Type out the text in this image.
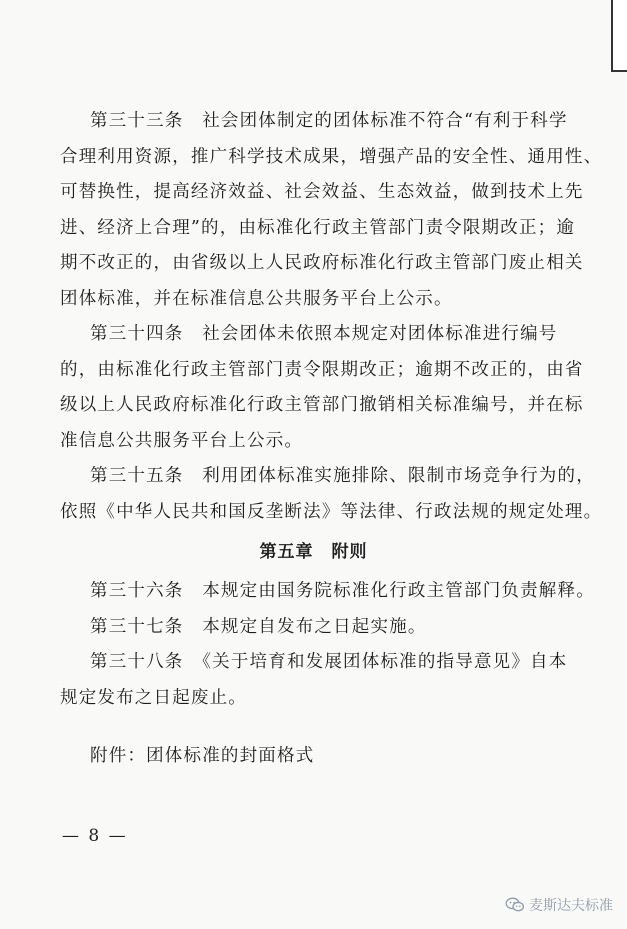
第三十三条　社会团体制定的团体标准不符合“有利于科学
合理利用资源，推广科学技术成果，增强产品的安全性、通用性、
可替换性，提高经济效益、社会效益、生态效益，做到技术上先
进、经济上合理”的，由标准化行政主管部门责令限期改正；逾
期不改正的，由省级以上人民政府标准化行政主管部门废止相关
团体标准，并在标准信息公共服务平台上公示。
第三十四条　社会团体未依照本规定对团体标准进行编号
的，由标准化行政主管部门责令限期改正；逾期不改正的，由省
级以上人民政府标准化行政主管部门撤销相关标准编号，并在标
准信息公共服务平台上公示。
第三十五条　利用团体标准实施排除、限制市场竞争行为的，
依照《中华人民共和国反垄断法》等法律、行政法规的规定处理。
第五章　附则
第三十六条　本规定由国务院标准化行政主管部门负责解释。
第三十七条　本规定自发布之日起实施。
第三十八条　《关于培育和发展团体标准的指导意见》自本
规定发布之日起废止。
附件：团体标准的封面格式
— 8 —
麦斯达夫标准
